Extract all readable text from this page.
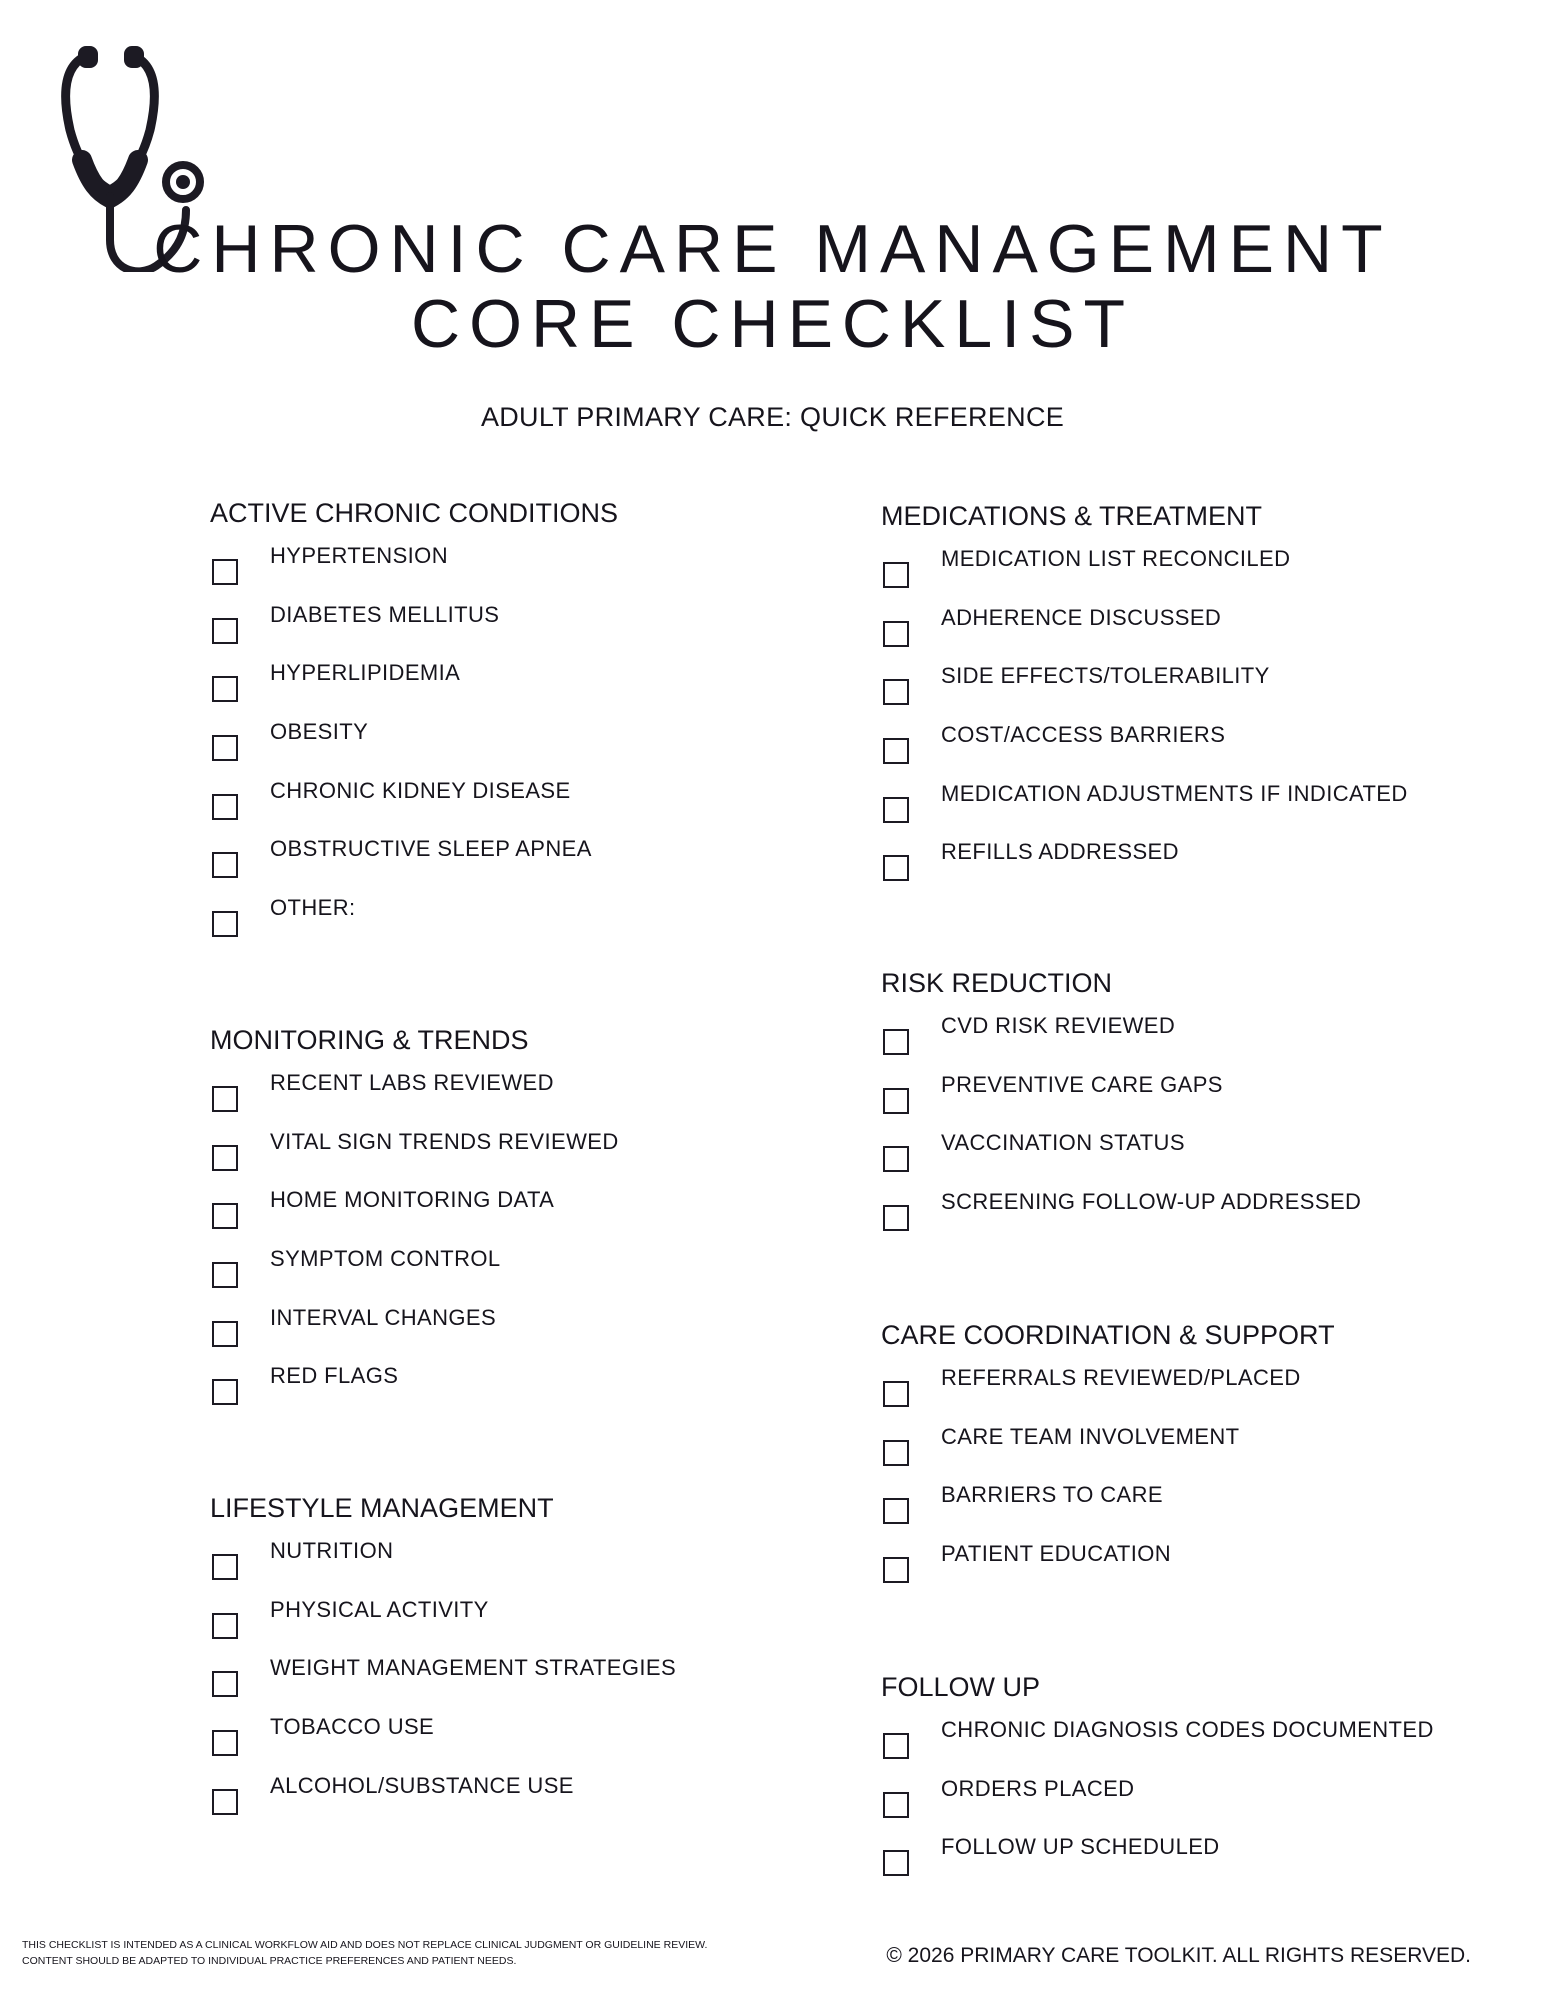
CHRONIC CARE MANAGEMENT
CORE CHECKLIST
ADULT PRIMARY CARE: QUICK REFERENCE
ACTIVE CHRONIC CONDITIONS
HYPERTENSION
DIABETES MELLITUS
HYPERLIPIDEMIA
OBESITY
CHRONIC KIDNEY DISEASE
OBSTRUCTIVE SLEEP APNEA
OTHER:
MONITORING & TRENDS
RECENT LABS REVIEWED
VITAL SIGN TRENDS REVIEWED
HOME MONITORING DATA
SYMPTOM CONTROL
INTERVAL CHANGES
RED FLAGS
LIFESTYLE MANAGEMENT
NUTRITION
PHYSICAL ACTIVITY
WEIGHT MANAGEMENT STRATEGIES
TOBACCO USE
ALCOHOL/SUBSTANCE USE
MEDICATIONS & TREATMENT
MEDICATION LIST RECONCILED
ADHERENCE DISCUSSED
SIDE EFFECTS/TOLERABILITY
COST/ACCESS BARRIERS
MEDICATION ADJUSTMENTS IF INDICATED
REFILLS ADDRESSED
RISK REDUCTION
CVD RISK REVIEWED
PREVENTIVE CARE GAPS
VACCINATION STATUS
SCREENING FOLLOW-UP ADDRESSED
CARE COORDINATION & SUPPORT
REFERRALS REVIEWED/PLACED
CARE TEAM INVOLVEMENT
BARRIERS TO CARE
PATIENT EDUCATION
FOLLOW UP
CHRONIC DIAGNOSIS CODES DOCUMENTED
ORDERS PLACED
FOLLOW UP SCHEDULED
THIS CHECKLIST IS INTENDED AS A CLINICAL WORKFLOW AID AND DOES NOT REPLACE CLINICAL JUDGMENT OR GUIDELINE REVIEW.
CONTENT SHOULD BE ADAPTED TO INDIVIDUAL PRACTICE PREFERENCES AND PATIENT NEEDS.	© 2026 PRIMARY CARE TOOLKIT. ALL RIGHTS RESERVED.
